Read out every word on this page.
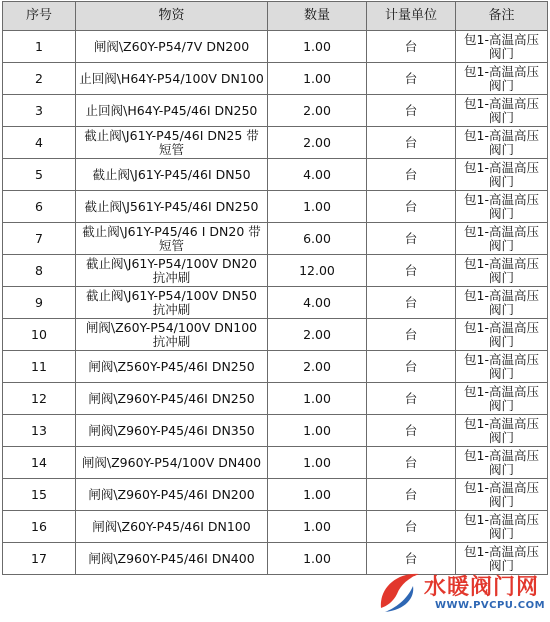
序号	物资	数量	计量单位	备注
1	闸阀\Z60Y-P54/7V DN200	1.00	台	包1-高温高压阀门
2	止回阀\H64Y-P54/100V DN100	1.00	台	包1-高温高压阀门
3	止回阀\H64Y-P45/46I DN250	2.00	台	包1-高温高压阀门
4	截止阀\J61Y-P45/46I DN25 带短管	2.00	台	包1-高温高压阀门
5	截止阀\J61Y-P45/46I DN50	4.00	台	包1-高温高压阀门
6	截止阀\J561Y-P45/46I DN250	1.00	台	包1-高温高压阀门
7	截止阀\J61Y-P45/46 I DN20 带短管	6.00	台	包1-高温高压阀门
8	截止阀\J61Y-P54/100V DN20 抗冲刷	12.00	台	包1-高温高压阀门
9	截止阀\J61Y-P54/100V DN50 抗冲刷	4.00	台	包1-高温高压阀门
10	闸阀\Z60Y-P54/100V DN100 抗冲刷	2.00	台	包1-高温高压阀门
11	闸阀\Z560Y-P45/46I DN250	2.00	台	包1-高温高压阀门
12	闸阀\Z960Y-P45/46I DN250	1.00	台	包1-高温高压阀门
13	闸阀\Z960Y-P45/46I DN350	1.00	台	包1-高温高压阀门
14	闸阀\Z960Y-P54/100V DN400	1.00	台	包1-高温高压阀门
15	闸阀\Z960Y-P45/46I DN200	1.00	台	包1-高温高压阀门
16	闸阀\Z60Y-P45/46I DN100	1.00	台	包1-高温高压阀门
17	闸阀\Z960Y-P45/46I DN400	1.00	台	包1-高温高压阀门
水暖阀门网
WWW.PVCPU.COM
